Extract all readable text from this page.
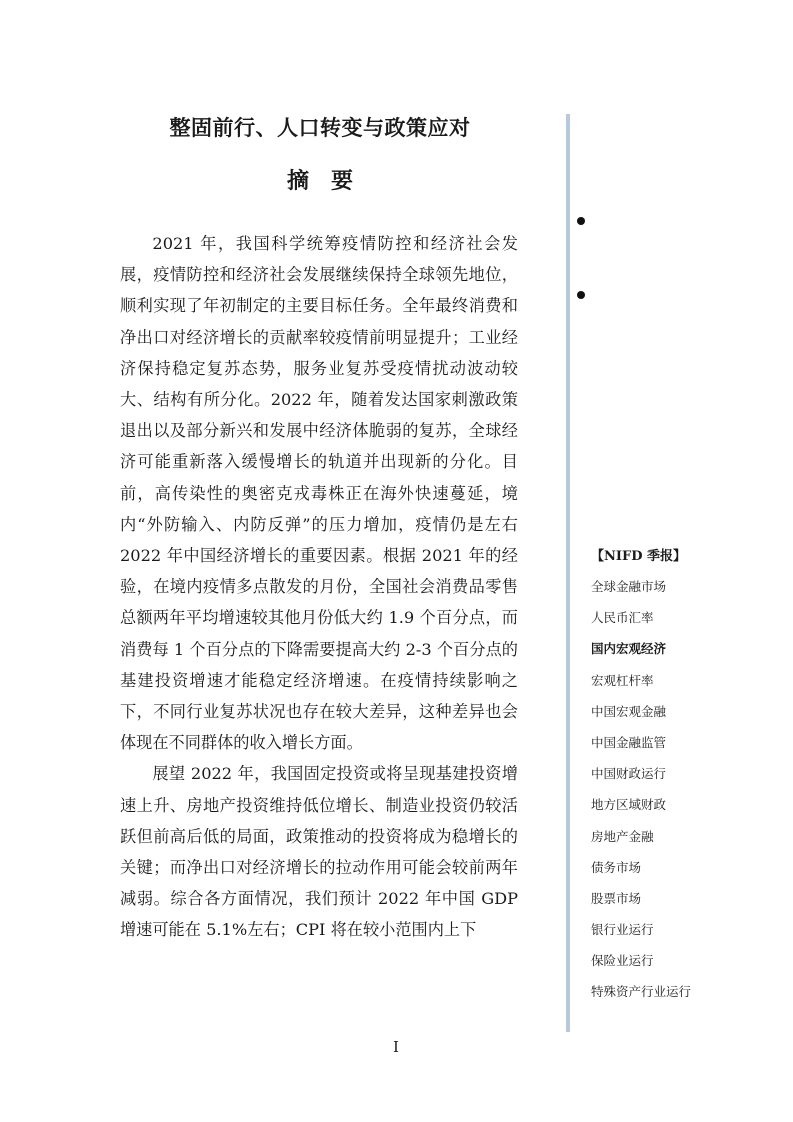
整固前行、人口转变与政策应对
摘　要

2021 年，我国科学统筹疫情防控和经济社会发展，疫情防控和经济社会发展继续保持全球领先地位，顺利实现了年初制定的主要目标任务。全年最终消费和净出口对经济增长的贡献率较疫情前明显提升；工业经济保持稳定复苏态势，服务业复苏受疫情扰动波动较大、结构有所分化。2022 年，随着发达国家刺激政策退出以及部分新兴和发展中经济体脆弱的复苏，全球经济可能重新落入缓慢增长的轨道并出现新的分化。目前，高传染性的奥密克戎毒株正在海外快速蔓延，境内“外防输入、内防反弹”的压力增加，疫情仍是左右 2022 年中国经济增长的重要因素。根据 2021 年的经验，在境内疫情多点散发的月份，全国社会消费品零售总额两年平均增速较其他月份低大约 1.9 个百分点，而消费每 1 个百分点的下降需要提高大约 2-3 个百分点的基建投资增速才能稳定经济增速。在疫情持续影响之下，不同行业复苏状况也存在较大差异，这种差异也会体现在不同群体的收入增长方面。

展望 2022 年，我国固定投资或将呈现基建投资增速上升、房地产投资维持低位增长、制造业投资仍较活跃但前高后低的局面，政策推动的投资将成为稳增长的关键；而净出口对经济增长的拉动作用可能会较前两年减弱。综合各方面情况，我们预计 2022 年中国 GDP 增速可能在 5.1%左右；CPI 将在较小范围内上下

【NIFD 季报】
全球金融市场
人民币汇率
国内宏观经济
宏观杠杆率
中国宏观金融
中国金融监管
中国财政运行
地方区域财政
房地产金融
债务市场
股票市场
银行业运行
保险业运行
特殊资产行业运行
I
